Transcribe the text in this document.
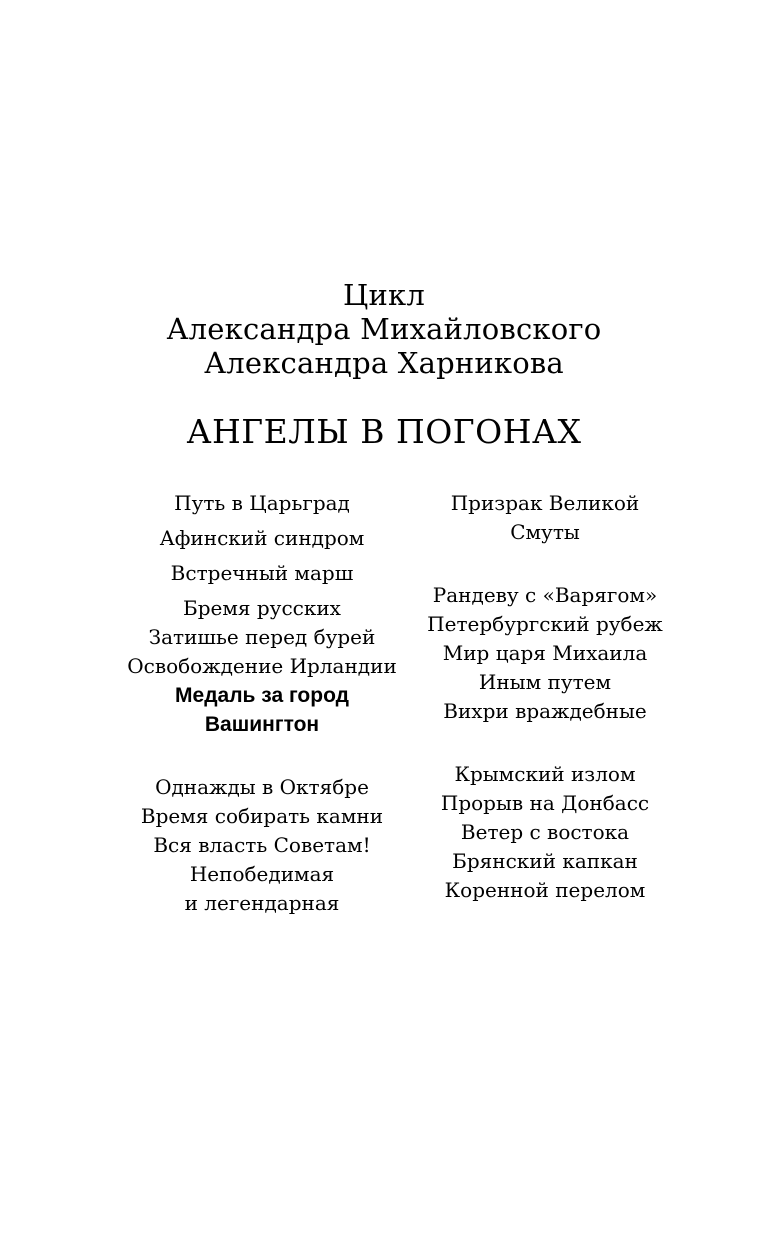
Цикл
Александра Михайловского
Александра Харникова
АНГЕЛЫ В ПОГОНАХ
Путь в Царьград
Афинский синдром
Встречный марш
Бремя русских
Затишье перед бурей
Освобождение Ирландии
Медаль за город
Вашингтон
Однажды в Октябре
Время собирать камни
Вся власть Советам!
Непобедимая
и легендарная
Призрак Великой
Смуты
Рандеву с «Варягом»
Петербургский рубеж
Мир царя Михаила
Иным путем
Вихри враждебные
Крымский излом
Прорыв на Донбасс
Ветер с востока
Брянский капкан
Коренной перелом
